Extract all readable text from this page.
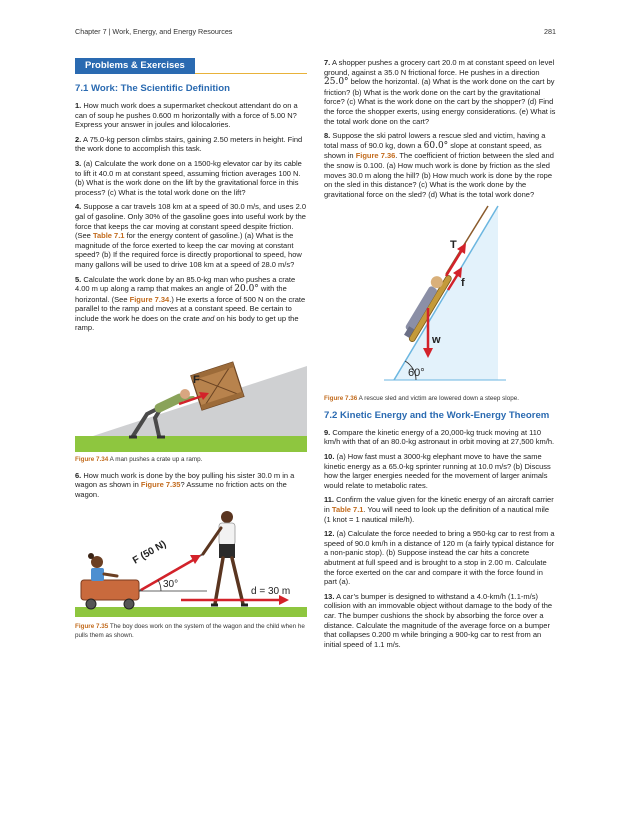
Chapter 7 | Work, Energy, and Energy Resources	281
Problems & Exercises
7.1 Work: The Scientific Definition

1. How much work does a supermarket checkout attendant do on a can of soup he pushes 0.600 m horizontally with a force of 5.00 N? Express your answer in joules and kilocalories.

2. A 75.0-kg person climbs stairs, gaining 2.50 meters in height. Find the work done to accomplish this task.

3. (a) Calculate the work done on a 1500-kg elevator car by its cable to lift it 40.0 m at constant speed, assuming friction averages 100 N. (b) What is the work done on the lift by the gravitational force in this process? (c) What is the total work done on the lift?

4. Suppose a car travels 108 km at a speed of 30.0 m/s, and uses 2.0 gal of gasoline. Only 30% of the gasoline goes into useful work by the force that keeps the car moving at constant speed despite friction. (See Table 7.1 for the energy content of gasoline.) (a) What is the magnitude of the force exerted to keep the car moving at constant speed? (b) If the required force is directly proportional to speed, how many gallons will be used to drive 108 km at a speed of 28.0 m/s?

5. Calculate the work done by an 85.0-kg man who pushes a crate 4.00 m up along a ramp that makes an angle of 20.0° with the horizontal. (See Figure 7.34.) He exerts a force of 500 N on the crate parallel to the ramp and moves at a constant speed. Be certain to include the work he does on the crate and on his body to get up the ramp.

F
Figure 7.34 A man pushes a crate up a ramp.

6. How much work is done by the boy pulling his sister 30.0 m in a wagon as shown in Figure 7.35? Assume no friction acts on the wagon.

30°
F (50 N)
d = 30 m
Figure 7.35 The boy does work on the system of the wagon and the child when he pulls them as shown.

7. A shopper pushes a grocery cart 20.0 m at constant speed on level ground, against a 35.0 N frictional force. He pushes in a direction 25.0° below the horizontal. (a) What is the work done on the cart by friction? (b) What is the work done on the cart by the gravitational force? (c) What is the work done on the cart by the shopper? (d) Find the force the shopper exerts, using energy considerations. (e) What is the total work done on the cart?

8. Suppose the ski patrol lowers a rescue sled and victim, having a total mass of 90.0 kg, down a 60.0° slope at constant speed, as shown in Figure 7.36. The coefficient of friction between the sled and the snow is 0.100. (a) How much work is done by friction as the sled moves 30.0 m along the hill? (b) How much work is done by the rope on the sled in this distance? (c) What is the work done by the gravitational force on the sled? (d) What is the total work done?

60°
T
f
w
Figure 7.36 A rescue sled and victim are lowered down a steep slope.
7.2 Kinetic Energy and the Work-Energy Theorem

9. Compare the kinetic energy of a 20,000-kg truck moving at 110 km/h with that of an 80.0-kg astronaut in orbit moving at 27,500 km/h.

10. (a) How fast must a 3000-kg elephant move to have the same kinetic energy as a 65.0-kg sprinter running at 10.0 m/s? (b) Discuss how the larger energies needed for the movement of larger animals would relate to metabolic rates.

11. Confirm the value given for the kinetic energy of an aircraft carrier in Table 7.1. You will need to look up the definition of a nautical mile (1 knot = 1 nautical mile/h).

12. (a) Calculate the force needed to bring a 950-kg car to rest from a speed of 90.0 km/h in a distance of 120 m (a fairly typical distance for a non-panic stop). (b) Suppose instead the car hits a concrete abutment at full speed and is brought to a stop in 2.00 m. Calculate the force exerted on the car and compare it with the force found in part (a).

13. A car’s bumper is designed to withstand a 4.0-km/h (1.1-m/s) collision with an immovable object without damage to the body of the car. The bumper cushions the shock by absorbing the force over a distance. Calculate the magnitude of the average force on a bumper that collapses 0.200 m while bringing a 900-kg car to rest from an initial speed of 1.1 m/s.
